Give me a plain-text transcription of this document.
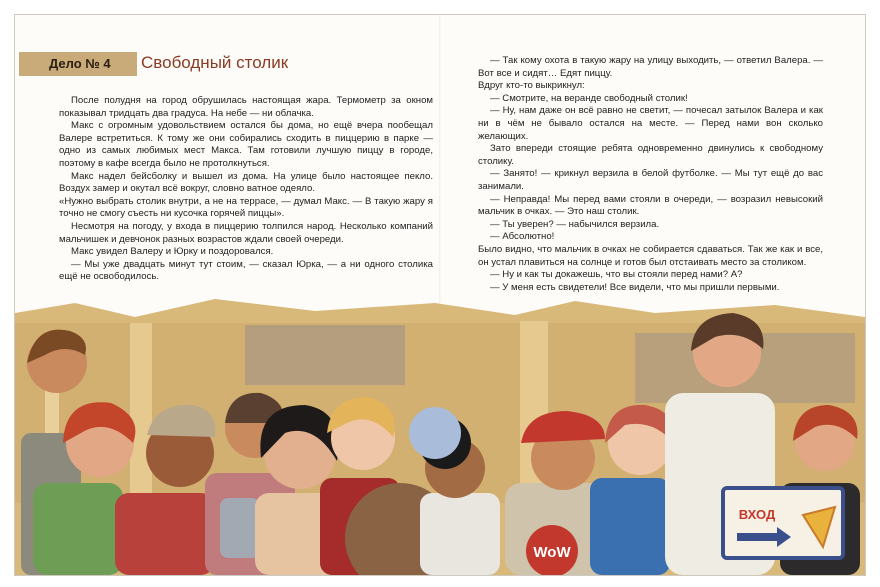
Дело № 4	Свободный столик

После полудня на город обрушилась настоящая жара. Термометр за окном показывал тридцать два градуса. На небе — ни облачка.

Макс с огромным удовольствием остался бы дома, но ещё вчера пообещал Валере встретиться. К тому же они собирались сходить в пиццерию в парке — одно из самых любимых мест Макса. Там готовили лучшую пиццу в городе, поэтому в кафе всегда было не протолкнуться.

Макс надел бейсболку и вышел из дома. На улице было настоящее пекло. Воздух замер и окутал всё вокруг, словно ватное одеяло.

«Нужно выбрать столик внутри, а не на террасе, — думал Макс. — В такую жару я точно не смогу съесть ни кусочка горячей пиццы».

Несмотря на погоду, у входа в пиццерию толпился народ. Несколько компаний мальчишек и девчонок разных возрастов ждали своей очереди.

Макс увидел Валеру и Юрку и поздоровался.

— Мы уже двадцать минут тут стоим, — сказал Юрка, — а ни одного столика ещё не освободилось.

— Так кому охота в такую жару на улицу выходить, — ответил Валера. — Вот все и сидят… Едят пиццу.

Вдруг кто-то выкрикнул:

— Смотрите, на веранде свободный столик!

— Ну, нам даже он всё равно не светит, — почесал затылок Валера и как ни в чём не бывало остался на месте. — Перед нами вон сколько желающих.

Зато впереди стоящие ребята одновременно двинулись к свободному столику.

— Занято! — крикнул верзила в белой футболке. — Мы тут ещё до вас занимали.

— Неправда! Мы перед вами стояли в очереди, — возразил невысокий мальчик в очках. — Это наш столик.

— Ты уверен? — набычился верзила.

— Абсолютно!

Было видно, что мальчик в очках не собирается сдаваться. Так же как и все, он устал плавиться на солнце и готов был отстаивать место за столиком.

— Ну и как ты докажешь, что вы стояли перед нами? А?

— У меня есть свидетели! Все видели, что мы пришли первыми.

WoW
ВХОД
